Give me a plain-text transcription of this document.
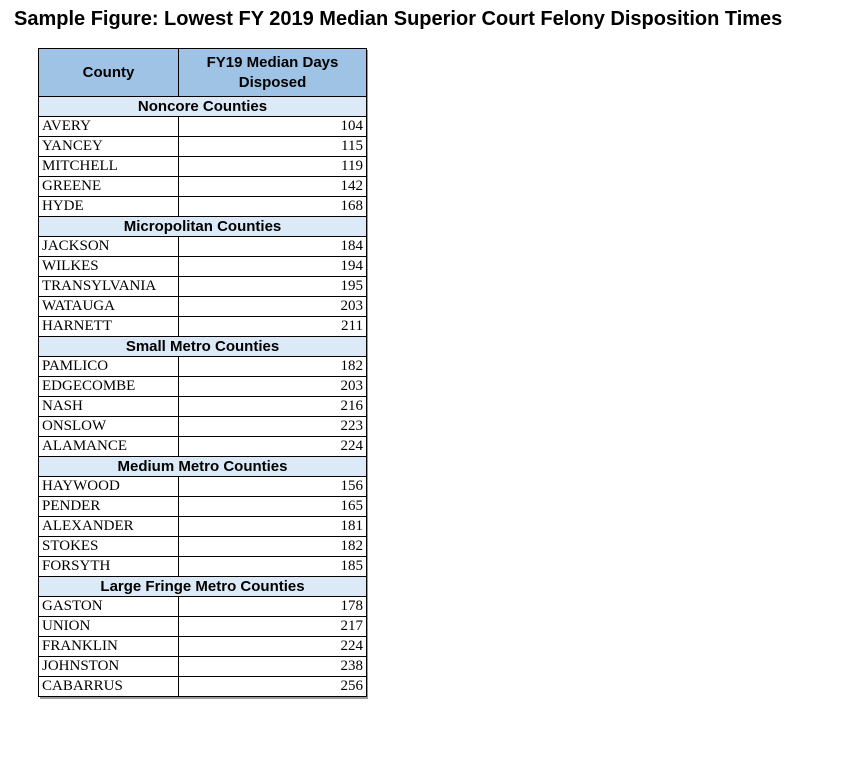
Sample Figure: Lowest FY 2019 Median Superior Court Felony Disposition Times
County	FY19 Median Days Disposed
Noncore Counties	
AVERY	104
YANCEY	115
MITCHELL	119
GREENE	142
HYDE	168
Micropolitan Counties	
JACKSON	184
WILKES	194
TRANSYLVANIA	195
WATAUGA	203
HARNETT	211
Small Metro Counties	
PAMLICO	182
EDGECOMBE	203
NASH	216
ONSLOW	223
ALAMANCE	224
Medium Metro Counties	
HAYWOOD	156
PENDER	165
ALEXANDER	181
STOKES	182
FORSYTH	185
Large Fringe Metro Counties	
GASTON	178
UNION	217
FRANKLIN	224
JOHNSTON	238
CABARRUS	256
